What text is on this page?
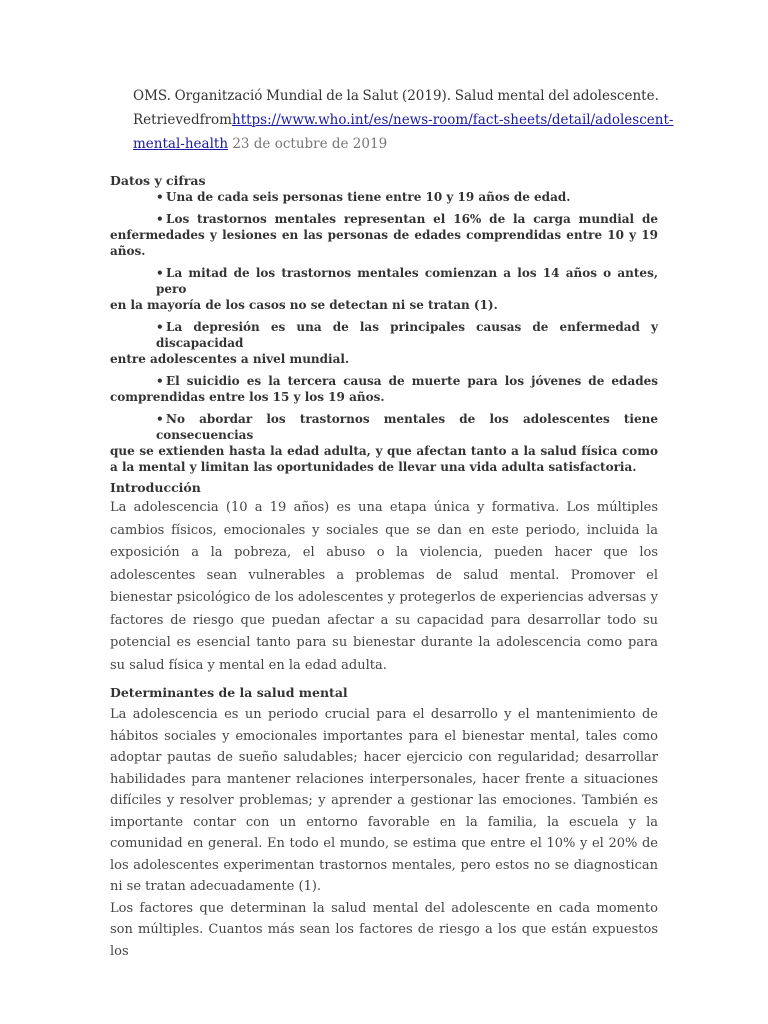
OMS. Organització Mundial de la Salut (2019). Salud mental del adolescente.
Retrieved from https://www.who.int/es/news-room/fact-sheets/detail/adolescent-
mental-health 23 de octubre de 2019
Datos y cifras
• Una de cada seis personas tiene entre 10 y 19 años de edad.
• Los trastornos mentales representan el 16% de la carga mundial de
enfermedades y lesiones en las personas de edades comprendidas entre 10 y 19 años.
• La mitad de los trastornos mentales comienzan a los 14 años o antes, pero
en la mayoría de los casos no se detectan ni se tratan (1).
• La depresión es una de las principales causas de enfermedad y discapacidad
entre adolescentes a nivel mundial.
• El suicidio es la tercera causa de muerte para los jóvenes de edades
comprendidas entre los 15 y los 19 años.
• No abordar los trastornos mentales de los adolescentes tiene consecuencias
que se extienden hasta la edad adulta, y que afectan tanto a la salud física como a la mental y limitan las oportunidades de llevar una vida adulta satisfactoria.
Introducción
La adolescencia (10 a 19 años) es una etapa única y formativa. Los múltiples cambios físicos, emocionales y sociales que se dan en este periodo, incluida la exposición a la pobreza, el abuso o la violencia, pueden hacer que los adolescentes sean vulnerables a problemas de salud mental. Promover el bienestar psicológico de los adolescentes y protegerlos de experiencias adversas y factores de riesgo que puedan afectar a su capacidad para desarrollar todo su potencial es esencial tanto para su bienestar durante la adolescencia como para su salud física y mental en la edad adulta.
Determinantes de la salud mental
La adolescencia es un periodo crucial para el desarrollo y el mantenimiento de hábitos sociales y emocionales importantes para el bienestar mental, tales como adoptar pautas de sueño saludables; hacer ejercicio con regularidad; desarrollar habilidades para mantener relaciones interpersonales, hacer frente a situaciones difíciles y resolver problemas; y aprender a gestionar las emociones. También es importante contar con un entorno favorable en la familia, la escuela y la comunidad en general. En todo el mundo, se estima que entre el 10% y el 20% de los adolescentes experimentan trastornos mentales, pero estos no se diagnostican ni se tratan adecuadamente (1).
Los factores que determinan la salud mental del adolescente en cada momento son múltiples. Cuantos más sean los factores de riesgo a los que están expuestos los
